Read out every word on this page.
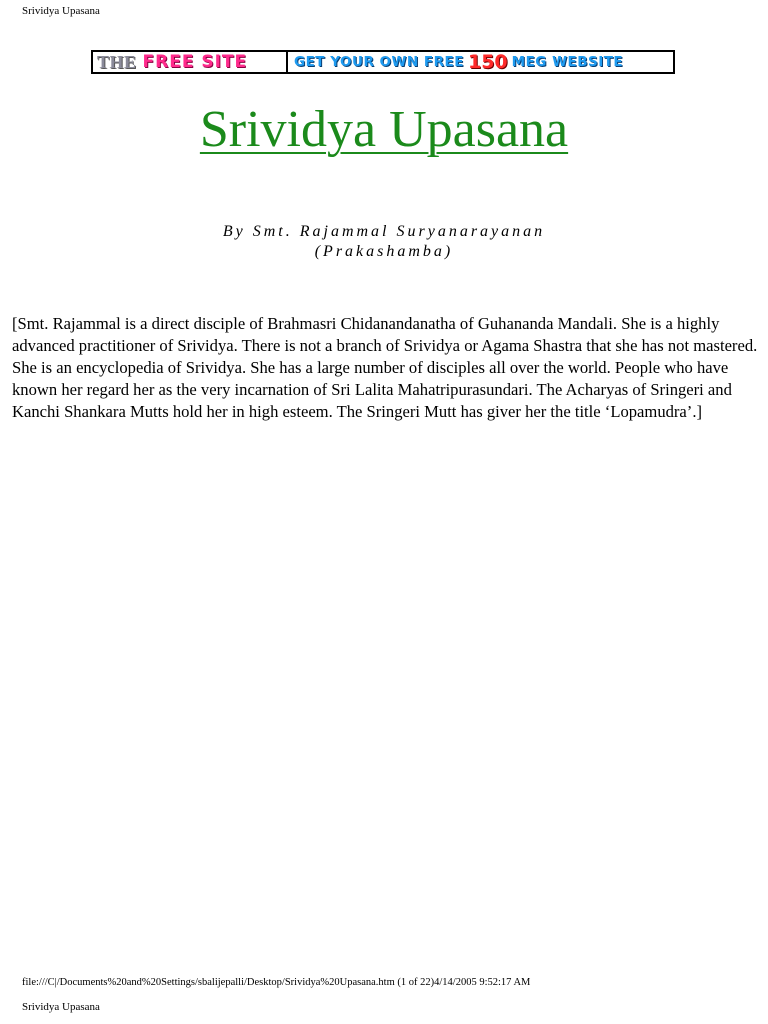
Srividya Upasana
THE FREE SITE	GET YOUR OWN FREE 150 MEG WEBSITE
Srividya Upasana
By Smt. Rajammal Suryanarayanan
(Prakashamba)

[Smt. Rajammal is a direct disciple of Brahmasri Chidanandanatha of Guhananda Mandali. She is a highly advanced practitioner of Srividya. There is not a branch of Srividya or Agama Shastra that she has not mastered. She is an encyclopedia of Srividya. She has a large number of disciples all over the world. People who have known her regard her as the very incarnation of Sri Lalita Mahatripurasundari. The Acharyas of Sringeri and Kanchi Shankara Mutts hold her in high esteem. The Sringeri Mutt has giver her the title ‘Lopamudra’.]

file:///C|/Documents%20and%20Settings/sbalijepalli/Desktop/Srividya%20Upasana.htm (1 of 22)4/14/2005 9:52:17 AM
Srividya Upasana
